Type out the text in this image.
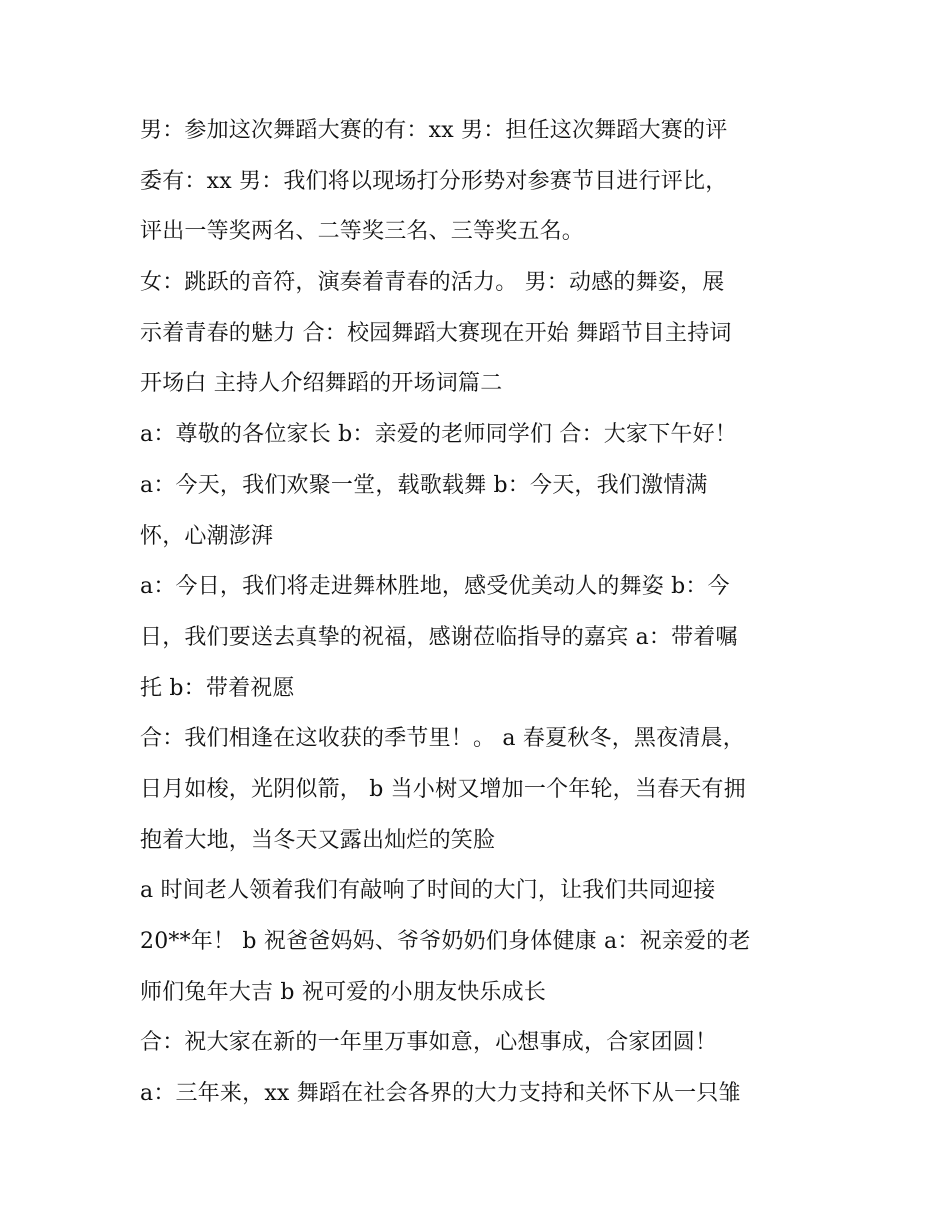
男：参加这次舞蹈大赛的有：xx 男：担任这次舞蹈大赛的评
委有：xx 男：我们将以现场打分形势对参赛节目进行评比，
评出一等奖两名、二等奖三名、三等奖五名。
女：跳跃的音符，演奏着青春的活力。 男：动感的舞姿，展
示着青春的魅力 合：校园舞蹈大赛现在开始 舞蹈节目主持词
开场白 主持人介绍舞蹈的开场词篇二
a：尊敬的各位家长 b：亲爱的老师同学们 合：大家下午好！
a：今天，我们欢聚一堂，载歌载舞 b：今天，我们激情满
怀，心潮澎湃
a：今日，我们将走进舞林胜地，感受优美动人的舞姿 b：今
日，我们要送去真挚的祝福，感谢莅临指导的嘉宾 a：带着嘱
托 b：带着祝愿
合：我们相逢在这收获的季节里！。 a 春夏秋冬，黑夜清晨，
日月如梭，光阴似箭， b 当小树又增加一个年轮，当春天有拥
抱着大地，当冬天又露出灿烂的笑脸
a 时间老人领着我们有敲响了时间的大门，让我们共同迎接
20**年！ b 祝爸爸妈妈、爷爷奶奶们身体健康 a：祝亲爱的老
师们兔年大吉 b 祝可爱的小朋友快乐成长
合：祝大家在新的一年里万事如意，心想事成，合家团圆！
a：三年来，xx 舞蹈在社会各界的大力支持和关怀下从一只雏
